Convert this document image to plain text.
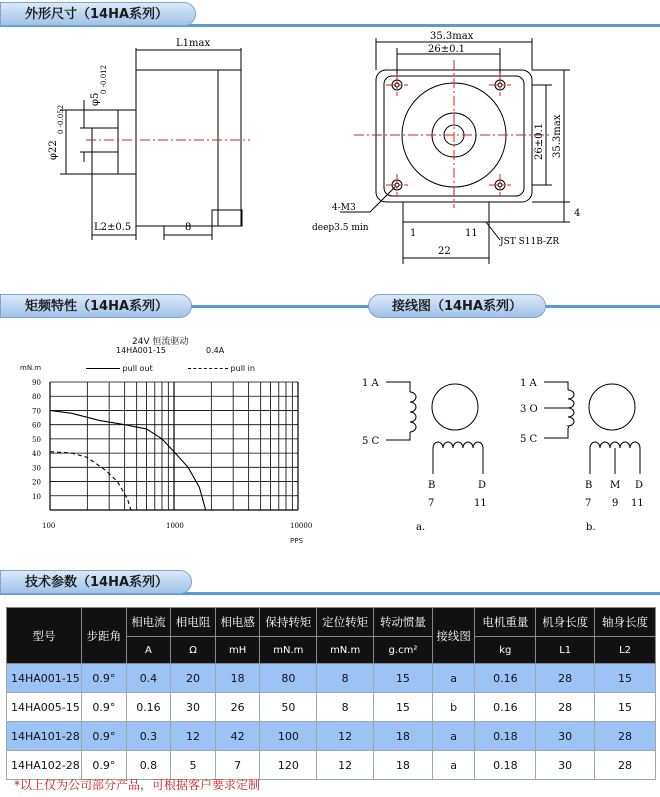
外形尺寸（14HA系列）
L1max
L2±0.5	8
φ22
0 -0.052
φ5
0 -0.012
35.3max
26±0.1
26±0.1 35.3max
4
4-M3
deep3.5 min	1	11
22
JST S11B-ZR
矩频特性（14HA系列）	接线图（14HA系列）
24V 恒流驱动
14HA001-15	0.4A
mN.m	pull out	pull in
90
80
70
60
50
40
30
20
10
100	1000	10000
PPS
1 A
5 C
B
7
D
11
a.
1 A
3 O
5 C
B
7
M
9
D
11
b.
技术参数（14HA系列）
型号	步距角	相电流	相电阻	相电感	保持转矩	定位转矩	转动惯量	接线图	电机重量	机身长度	轴身长度
		A	Ω	mH	mN.m	mN.m	g.cm²		kg	L1	L2
14HA001-15	0.9°	0.4	20	18	80	8	15	a	0.16	28	15
14HA005-15	0.9°	0.16	30	26	50	8	15	b	0.16	28	15
14HA101-28	0.9°	0.3	12	42	100	12	18	a	0.18	30	28
14HA102-28	0.9°	0.8	5	7	120	12	18	a	0.18	30	28
*以上仅为公司部分产品，可根据客户要求定制
